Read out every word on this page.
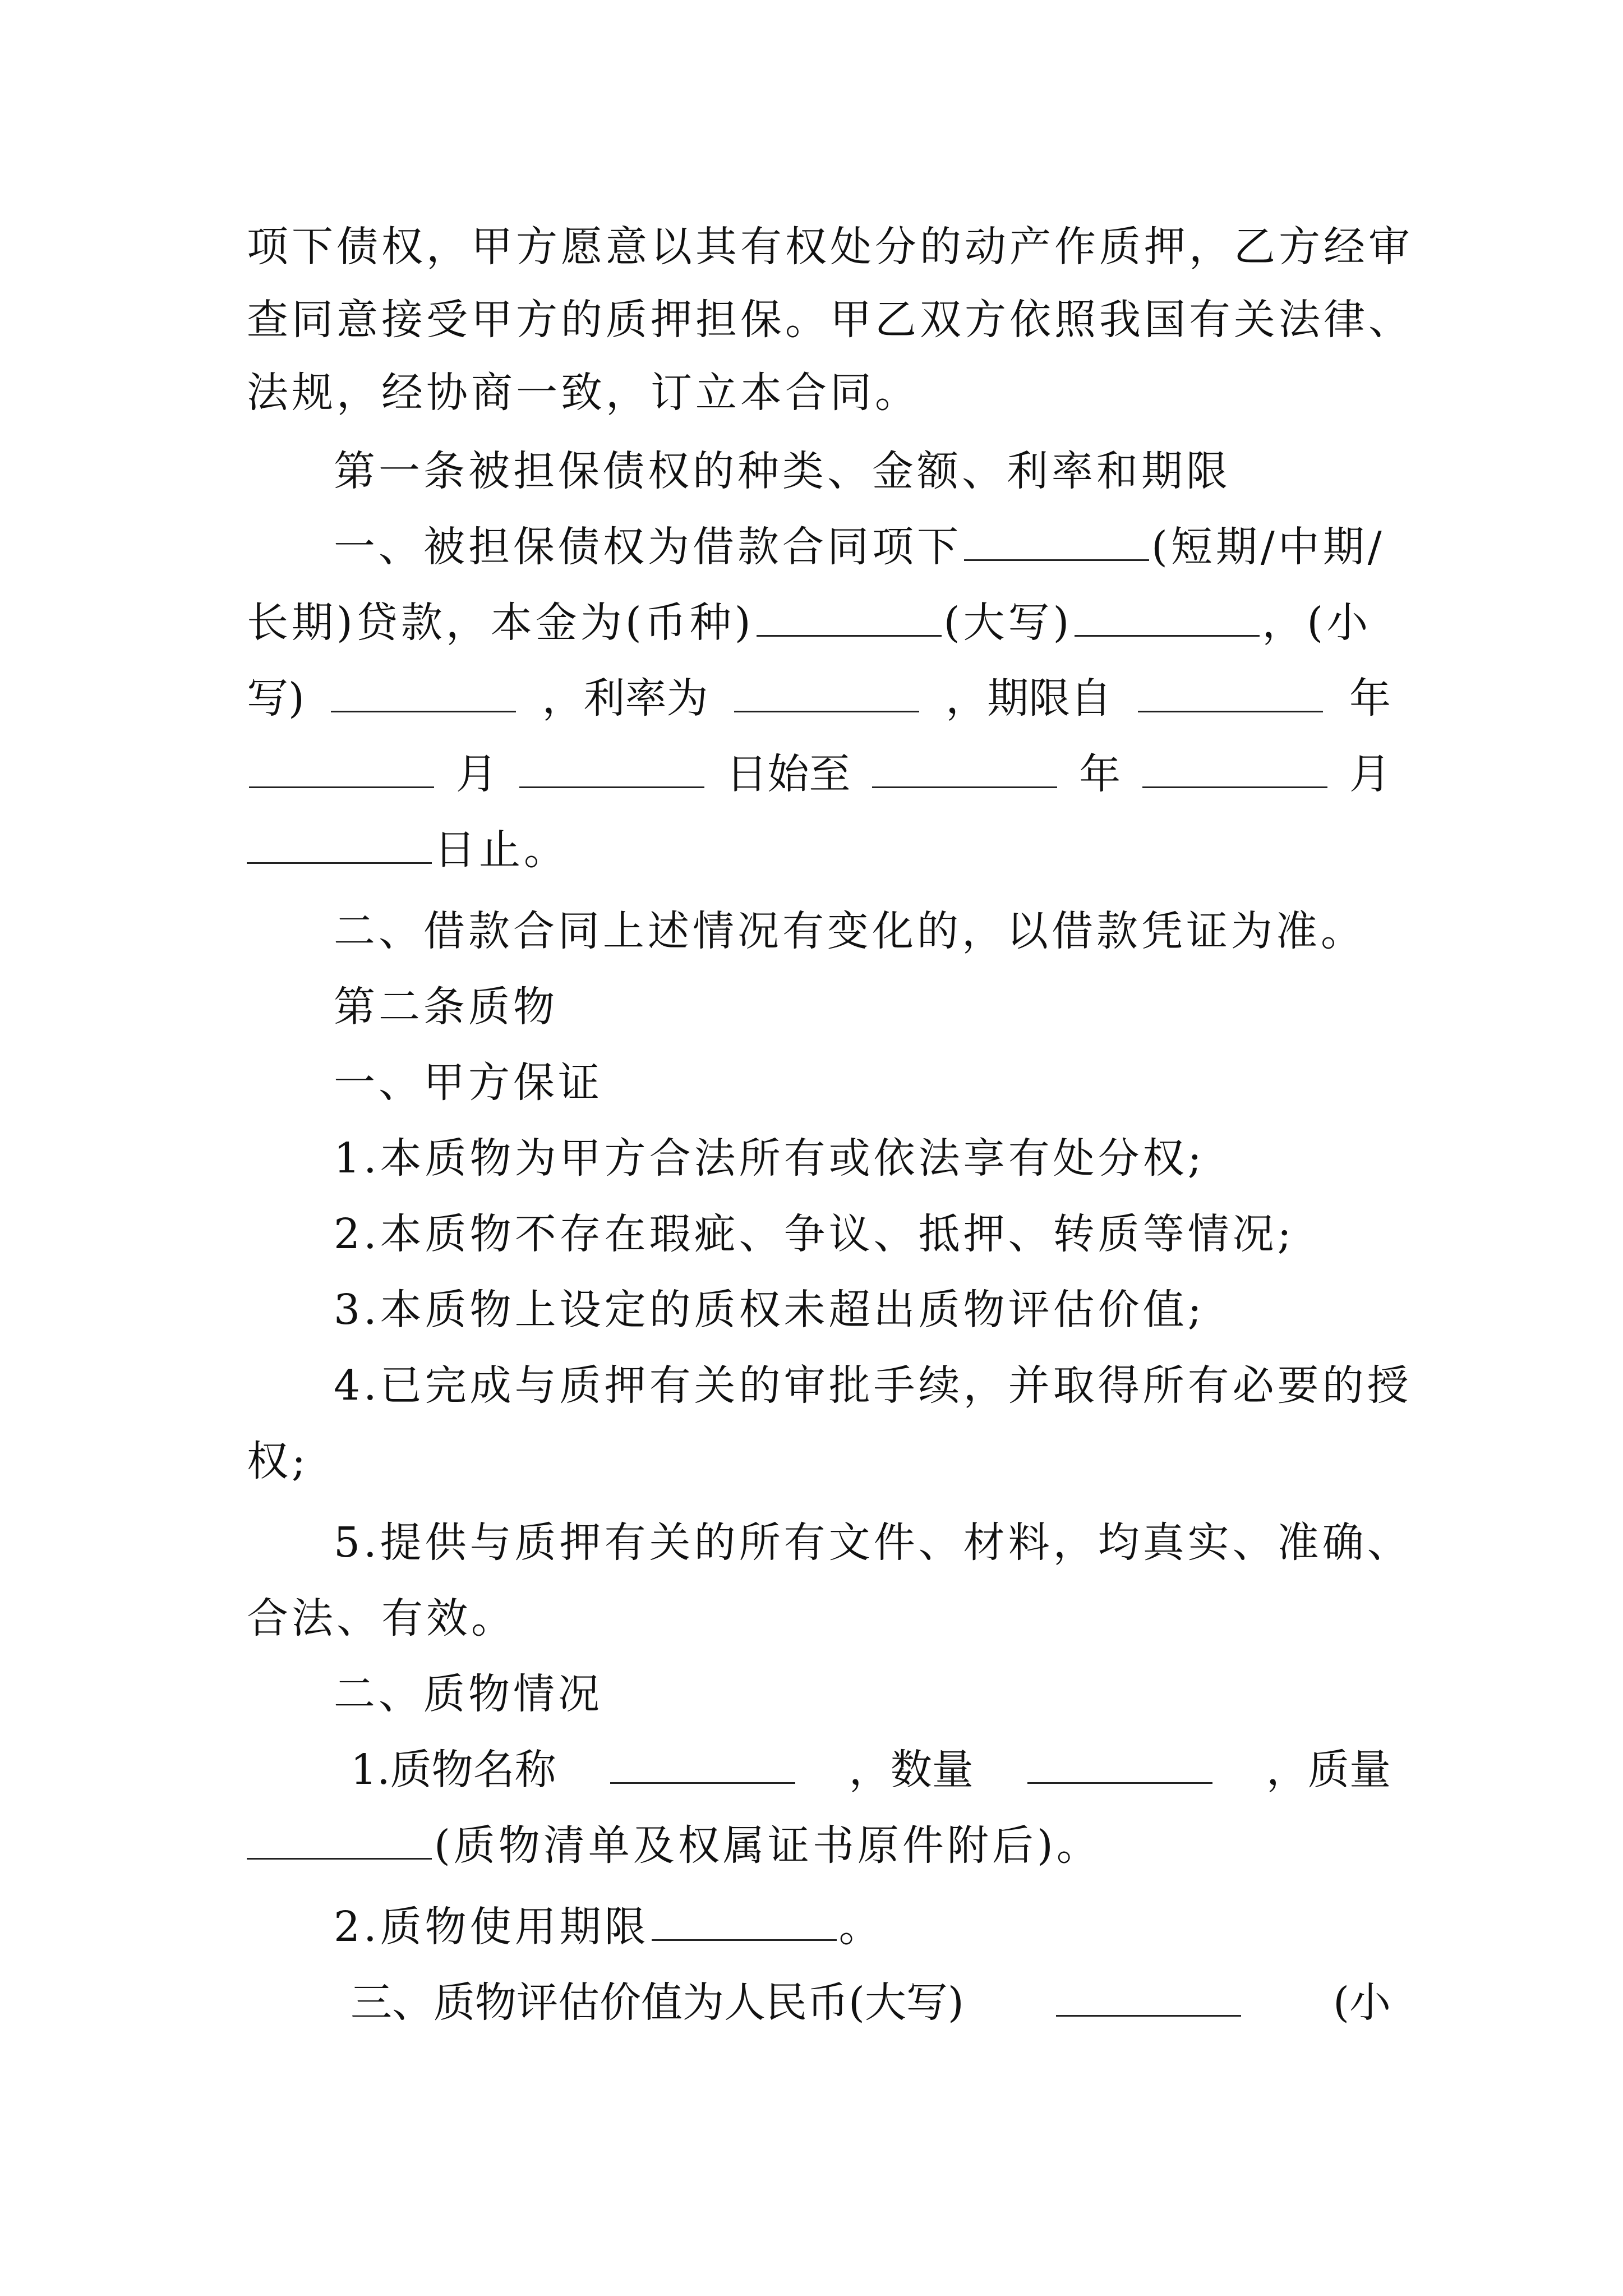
项下债权，甲方愿意以其有权处分的动产作质押，乙方经审
查同意接受甲方的质押担保。甲乙双方依照我国有关法律、
法规，经协商一致，订立本合同。
第一条被担保债权的种类、金额、利率和期限
一、被担保债权为借款合同项下	(短期/中期/
长期)贷款，本金为(币种)	(大写)	，(小
写)	，利率为	，期限自	年
月	日始至	年	月
日止。
二、借款合同上述情况有变化的，以借款凭证为准。
第二条质物
一、甲方保证
1.本质物为甲方合法所有或依法享有处分权;
2.本质物不存在瑕疵、争议、抵押、转质等情况;
3.本质物上设定的质权未超出质物评估价值;
4.已完成与质押有关的审批手续，并取得所有必要的授
权;
5.提供与质押有关的所有文件、材料，均真实、准确、
合法、有效。
二、质物情况
1.质物名称	，数量	，质量
(质物清单及权属证书原件附后)。
2.质物使用期限	。
三、质物评估价值为人民币(大写)	(小
